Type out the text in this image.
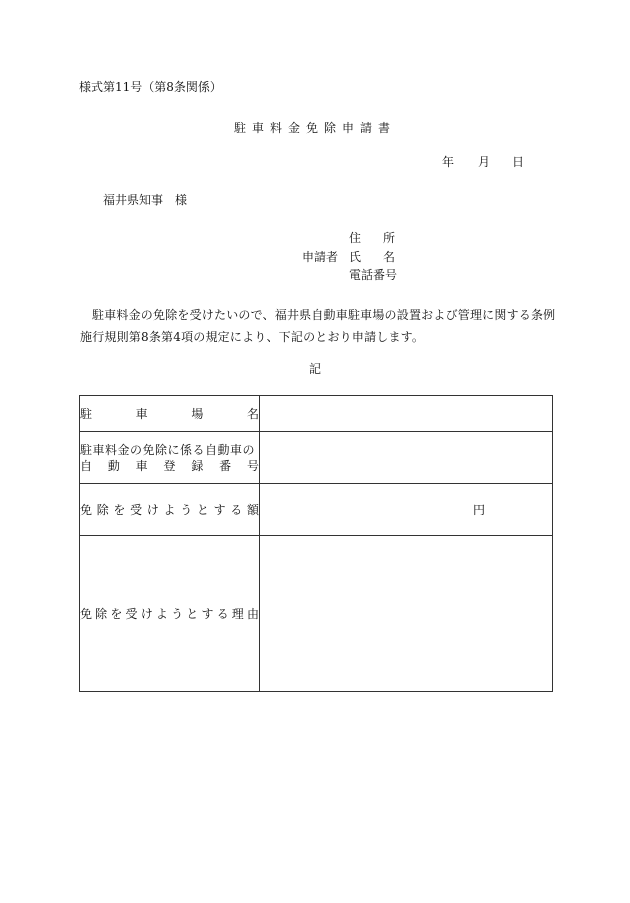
様式第11号（第8条関係）
駐車料金免除申請書
年 月 日
福井県知事　様
住所
申請者 氏名
電話番号
駐車料金の免除を受けたいので、福井県自動車駐車場の設置および管理に関する条例施行規則第8条第4項の規定により、下記のとおり申請します。
記
駐車場名	

駐車料金の免除に係る自動車の
自動車登録番号	

免除を受けようとする額	円

免除を受けようとする理由	
